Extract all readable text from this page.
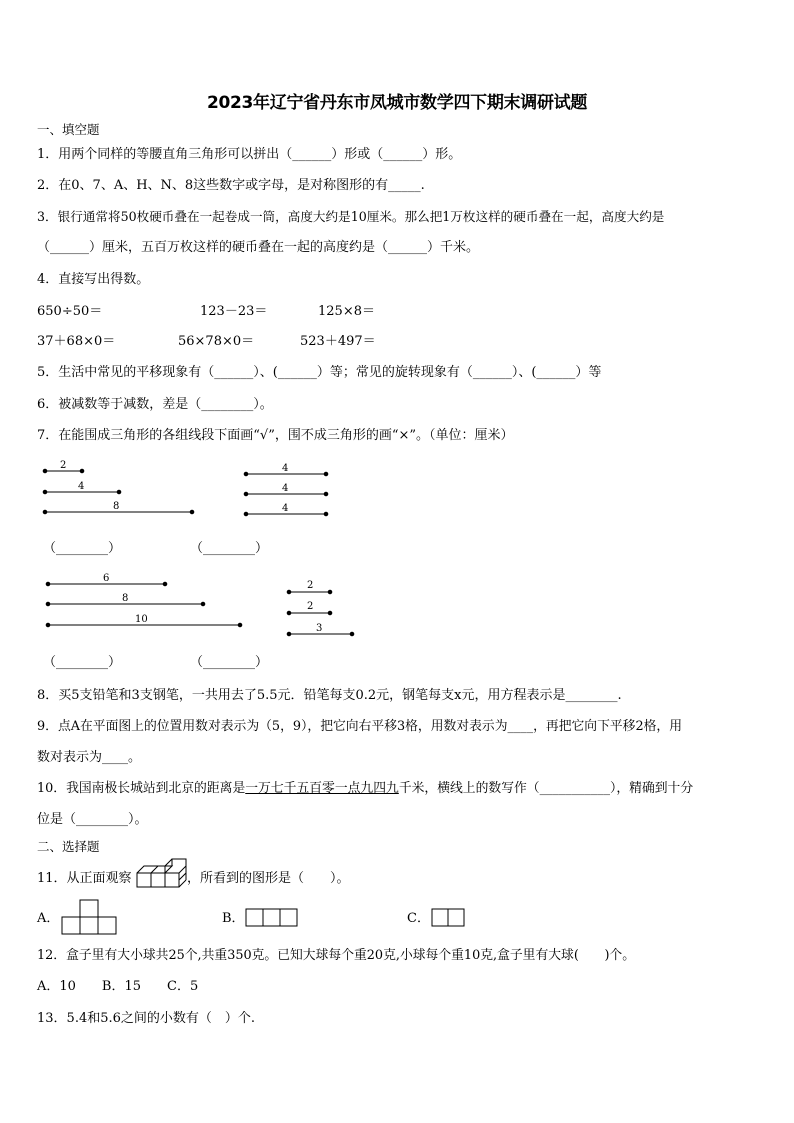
2023年辽宁省丹东市凤城市数学四下期末调研试题
一、填空题
1．用两个同样的等腰直角三角形可以拼出（______）形或（______）形。
2．在0、7、A、H、N、8这些数字或字母，是对称图形的有_____.
3．银行通常将50枚硬币叠在一起卷成一筒，高度大约是10厘米。那么把1万枚这样的硬币叠在一起，高度大约是
（______）厘米，五百万枚这样的硬币叠在一起的高度约是（______）千米。
4．直接写出得数。
650÷50＝	123－23＝	125×8＝
37＋68×0＝	56×78×0＝	523＋497＝
5．生活中常见的平移现象有（______）、(______）等；常见的旋转现象有（______）、(______）等
6．被减数等于减数，差是（________）。
7．在能围成三角形的各组线段下面画“√”，围不成三角形的画“×”。（单位：厘米）
2
4
8
4
4
4
6
8
10
2
2
3
（________）	（________）
（________）	（________）
8．买5支铅笔和3支钢笔，一共用去了5.5元．铅笔每支0.2元，钢笔每支x元，用方程表示是________.
9．点A在平面图上的位置用数对表示为（5，9），把它向右平移3格，用数对表示为____，再把它向下平移2格，用
数对表示为____。
10．我国南极长城站到北京的距离是一万七千五百零一点九四九千米，横线上的数写作（___________），精确到十分
位是（________）。
二、选择题
11．从正面观察	，所看到的图形是（　　）。
A．	B．	C．
12．盒子里有大小球共25个,共重350克。已知大球每个重20克,小球每个重10克,盒子里有大球(　　)个。
A．10　　B．15　　C．5
13．5.4和5.6之间的小数有（　）个.
